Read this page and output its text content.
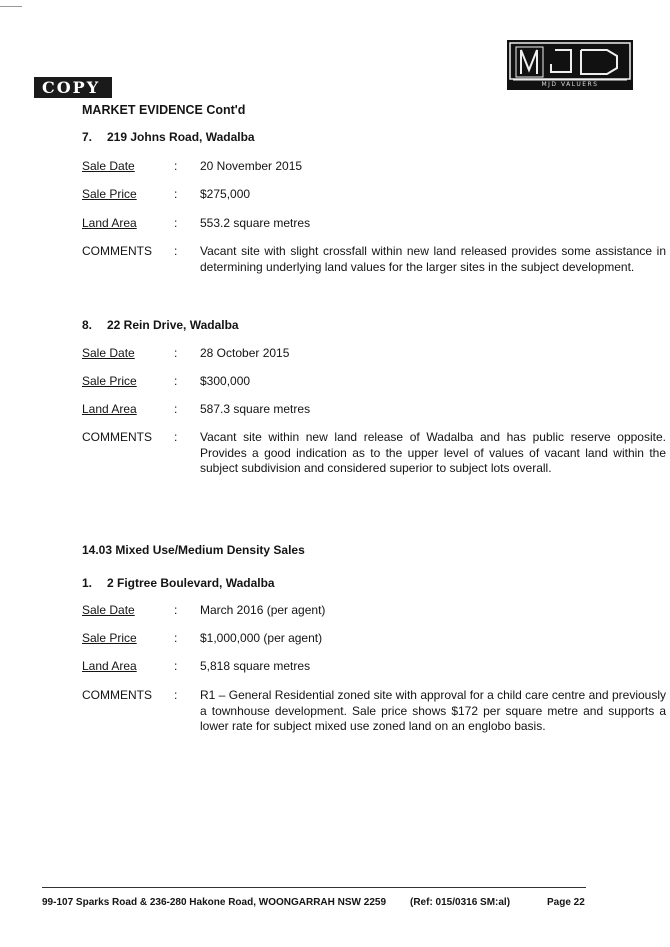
MJD VALUERS
COPY
MARKET EVIDENCE Cont'd
7. 219 Johns Road, Wadalba
Sale Date	: 20 November 2015
Sale Price	: $275,000
Land Area	: 553.2 square metres
COMMENTS : Vacant site with slight crossfall within new land released provides some assistance in determining underlying land values for the larger sites in the subject development.
8. 22 Rein Drive, Wadalba
Sale Date	: 28 October 2015
Sale Price	: $300,000
Land Area	: 587.3 square metres
COMMENTS : Vacant site within new land release of Wadalba and has public reserve opposite. Provides a good indication as to the upper level of values of vacant land within the subject subdivision and considered superior to subject lots overall.
14.03 Mixed Use/Medium Density Sales
1. 2 Figtree Boulevard, Wadalba
Sale Date	: March 2016 (per agent)
Sale Price	: $1,000,000 (per agent)
Land Area	: 5,818 square metres
COMMENTS : R1 – General Residential zoned site with approval for a child care centre and previously a townhouse development. Sale price shows $172 per square metre and supports a lower rate for subject mixed use zoned land on an englobo basis.
99-107 Sparks Road & 236-280 Hakone Road, WOONGARRAH NSW 2259 (Ref: 015/0316 SM:al)	Page 22
